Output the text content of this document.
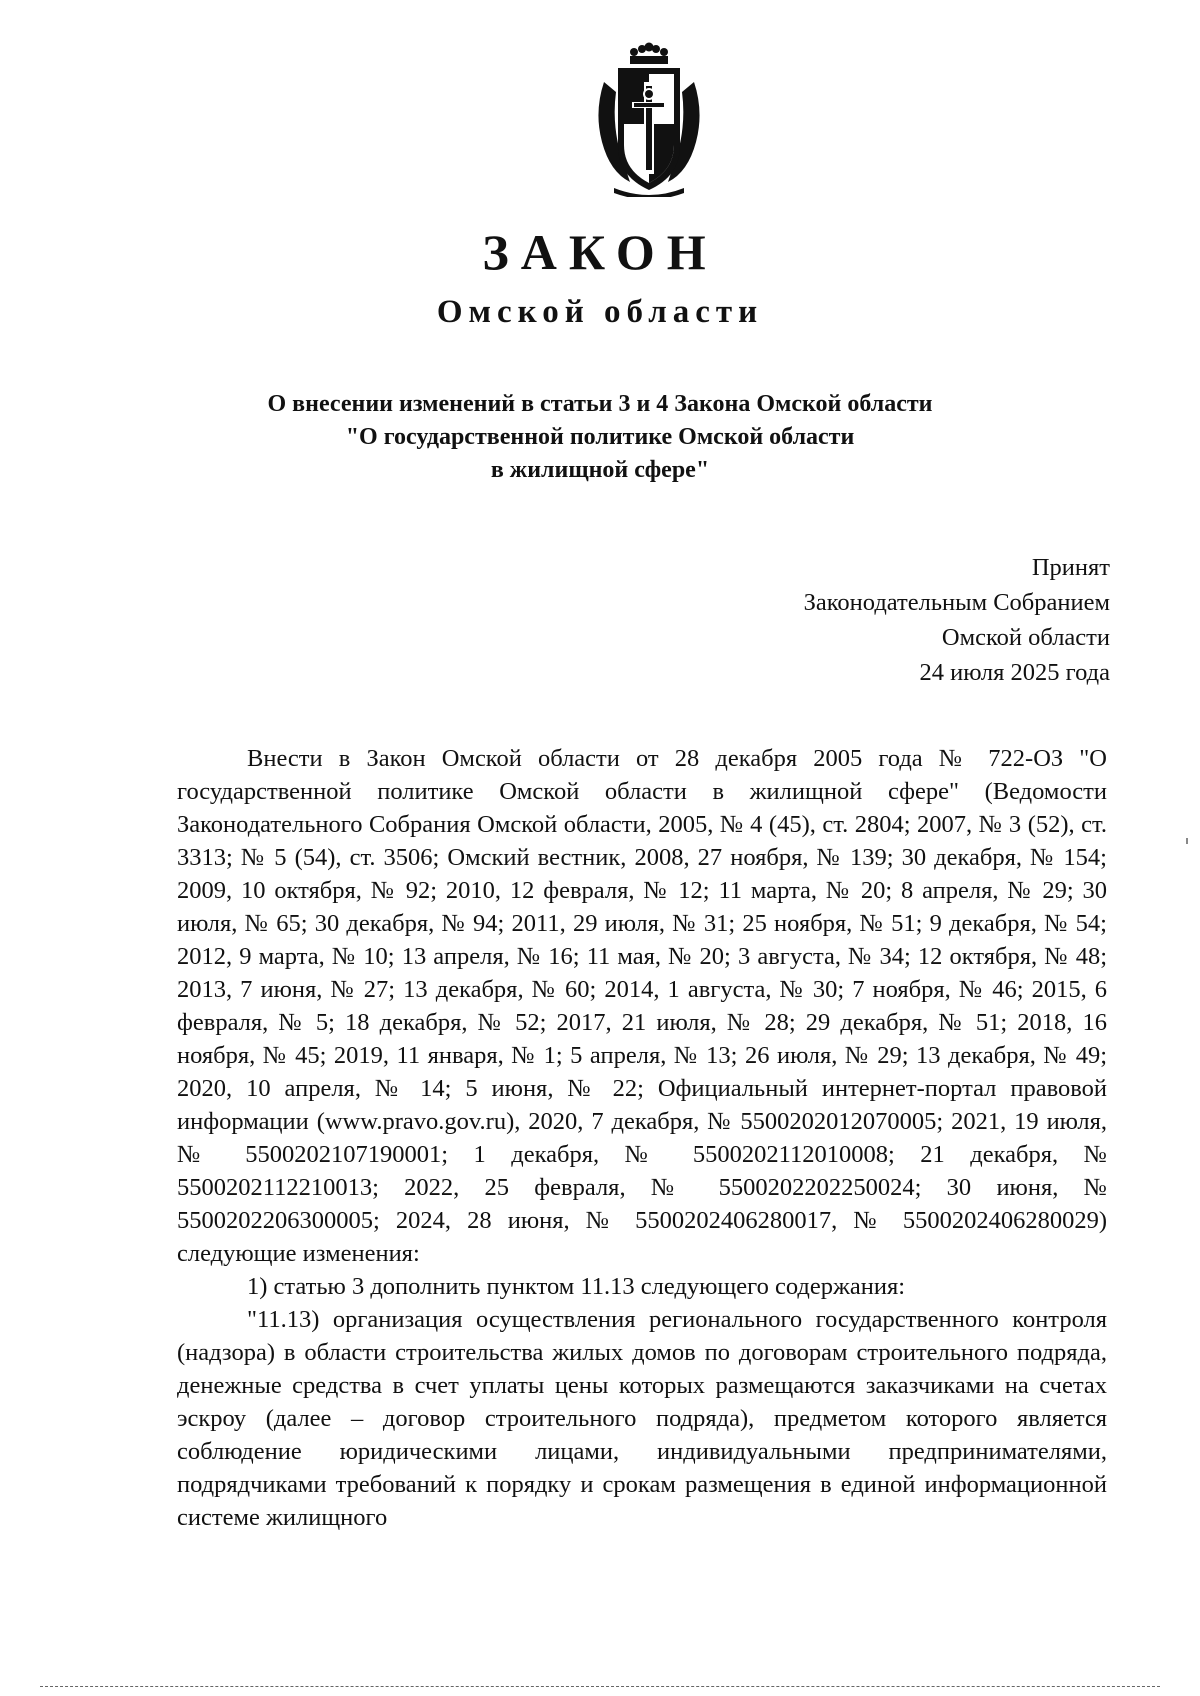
ЗАКОН
Омской области
О внесении изменений в статьи 3 и 4 Закона Омской области
"О государственной политике Омской области
в жилищной сфере"
Принят
Законодательным Собранием
Омской области
24 июля 2025 года

Внести в Закон Омской области от 28 декабря 2005 года № 722-ОЗ "О государственной политике Омской области в жилищной сфере" (Ведомости Законодательного Собрания Омской области, 2005, № 4 (45), ст. 2804; 2007, № 3 (52), ст. 3313; № 5 (54), ст. 3506; Омский вестник, 2008, 27 ноября, № 139; 30 декабря, № 154; 2009, 10 октября, № 92; 2010, 12 февраля, № 12; 11 марта, № 20; 8 апреля, № 29; 30 июля, № 65; 30 декабря, № 94; 2011, 29 июля, № 31; 25 ноября, № 51; 9 декабря, № 54; 2012, 9 марта, № 10; 13 апреля, № 16; 11 мая, № 20; 3 августа, № 34; 12 октября, № 48; 2013, 7 июня, № 27; 13 декабря, № 60; 2014, 1 августа, № 30; 7 ноября, № 46; 2015, 6 февраля, № 5; 18 декабря, № 52; 2017, 21 июля, № 28; 29 декабря, № 51; 2018, 16 ноября, № 45; 2019, 11 января, № 1; 5 апреля, № 13; 26 июля, № 29; 13 декабря, № 49; 2020, 10 апреля, № 14; 5 июня, № 22; Официальный интернет-портал правовой информации (www.pravo.gov.ru), 2020, 7 декабря, № 5500202012070005; 2021, 19 июля, № 5500202107190001; 1 декабря, № 5500202112010008; 21 декабря, № 5500202112210013; 2022, 25 февраля, № 5500202202250024; 30 июня, № 5500202206300005; 2024, 28 июня, № 5500202406280017, № 5500202406280029) следующие изменения:

1) статью 3 дополнить пунктом 11.13 следующего содержания:

"11.13) организация осуществления регионального государственного контроля (надзора) в области строительства жилых домов по договорам строительного подряда, денежные средства в счет уплаты цены которых размещаются заказчиками на счетах эскроу (далее – договор строительного подряда), предметом которого является соблюдение юридическими лицами, индивидуальными предпринимателями, подрядчиками требований к порядку и срокам размещения в единой информационной системе жилищного
